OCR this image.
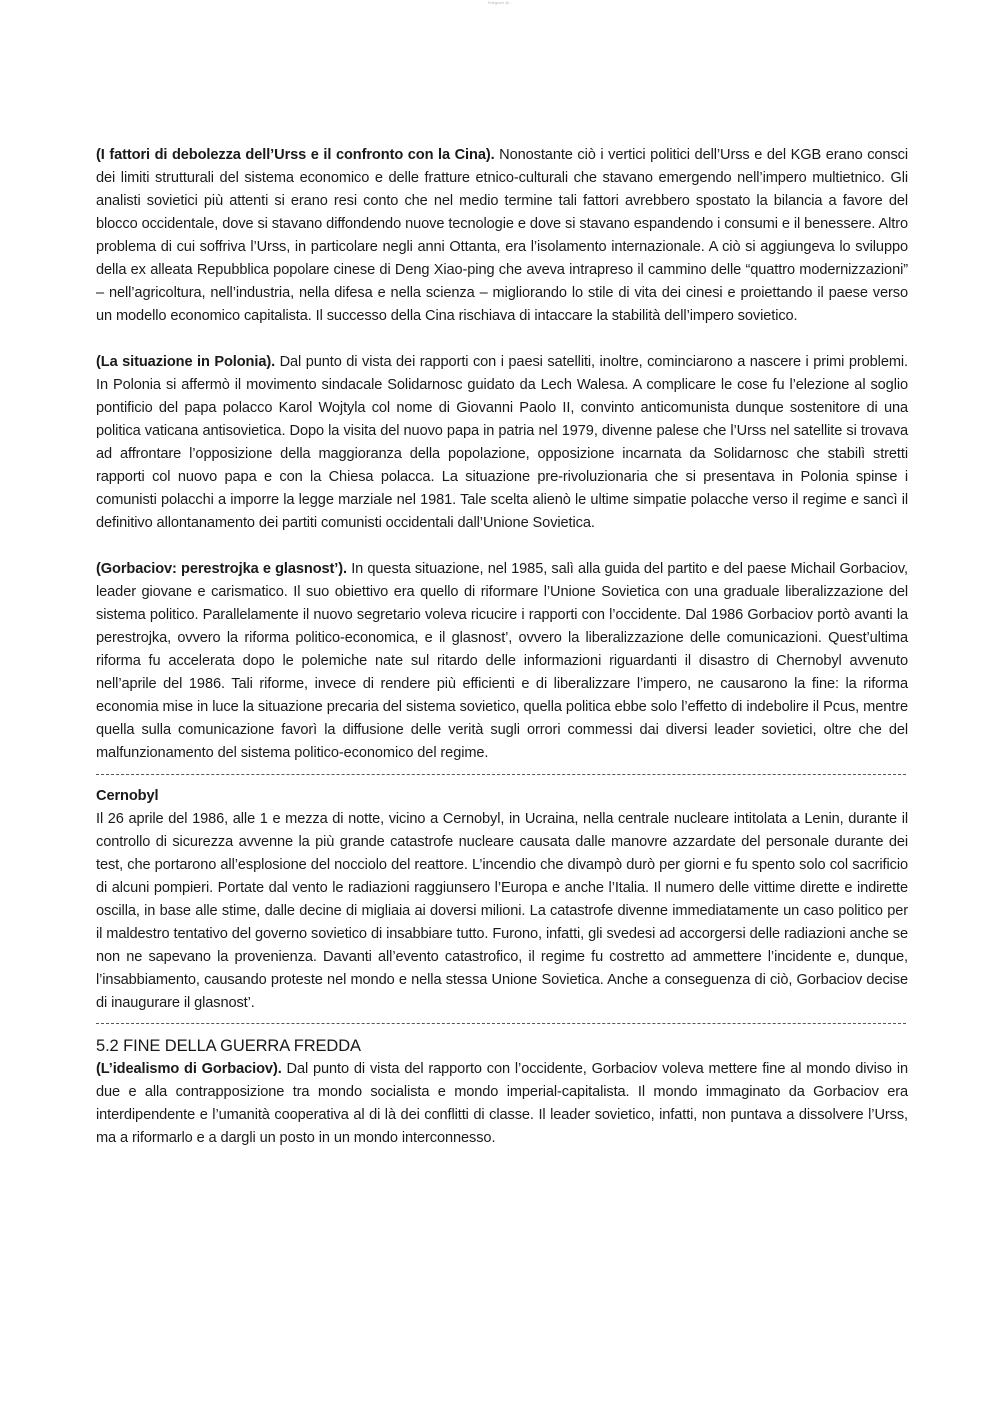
Telegram @...

(I fattori di debolezza dell’Urss e il confronto con la Cina). Nonostante ciò i vertici politici dell’Urss e del KGB erano consci dei limiti strutturali del sistema economico e delle fratture etnico-culturali che stavano emergendo nell’impero multietnico. Gli analisti sovietici più attenti si erano resi conto che nel medio termine tali fattori avrebbero spostato la bilancia a favore del blocco occidentale, dove si stavano diffondendo nuove tecnologie e dove si stavano espandendo i consumi e il benessere. Altro problema di cui soffriva l’Urss, in particolare negli anni Ottanta, era l’isolamento internazionale. A ciò si aggiungeva lo sviluppo della ex alleata Repubblica popolare cinese di Deng Xiao-ping che aveva intrapreso il cammino delle “quattro modernizzazioni” – nell’agricoltura, nell’industria, nella difesa e nella scienza – migliorando lo stile di vita dei cinesi e proiettando il paese verso un modello economico capitalista. Il successo della Cina rischiava di intaccare la stabilità dell’impero sovietico.

(La situazione in Polonia). Dal punto di vista dei rapporti con i paesi satelliti, inoltre, cominciarono a nascere i primi problemi. In Polonia si affermò il movimento sindacale Solidarnosc guidato da Lech Walesa. A complicare le cose fu l’elezione al soglio pontificio del papa polacco Karol Wojtyla col nome di Giovanni Paolo II, convinto anticomunista dunque sostenitore di una politica vaticana antisovietica. Dopo la visita del nuovo papa in patria nel 1979, divenne palese che l’Urss nel satellite si trovava ad affrontare l’opposizione della maggioranza della popolazione, opposizione incarnata da Solidarnosc che stabilì stretti rapporti col nuovo papa e con la Chiesa polacca. La situazione pre-rivoluzionaria che si presentava in Polonia spinse i comunisti polacchi a imporre la legge marziale nel 1981. Tale scelta alienò le ultime simpatie polacche verso il regime e sancì il definitivo allontanamento dei partiti comunisti occidentali dall’Unione Sovietica.

(Gorbaciov: perestrojka e glasnost’). In questa situazione, nel 1985, salì alla guida del partito e del paese Michail Gorbaciov, leader giovane e carismatico. Il suo obiettivo era quello di riformare l’Unione Sovietica con una graduale liberalizzazione del sistema politico. Parallelamente il nuovo segretario voleva ricucire i rapporti con l’occidente. Dal 1986 Gorbaciov portò avanti la perestrojka, ovvero la riforma politico-economica, e il glasnost’, ovvero la liberalizzazione delle comunicazioni. Quest’ultima riforma fu accelerata dopo le polemiche nate sul ritardo delle informazioni riguardanti il disastro di Chernobyl avvenuto nell’aprile del 1986. Tali riforme, invece di rendere più efficienti e di liberalizzare l’impero, ne causarono la fine: la riforma economia mise in luce la situazione precaria del sistema sovietico, quella politica ebbe solo l’effetto di indebolire il Pcus, mentre quella sulla comunicazione favorì la diffusione delle verità sugli orrori commessi dai diversi leader sovietici, oltre che del malfunzionamento del sistema politico-economico del regime.

Cernobyl

Il 26 aprile del 1986, alle 1 e mezza di notte, vicino a Cernobyl, in Ucraina, nella centrale nucleare intitolata a Lenin, durante il controllo di sicurezza avvenne la più grande catastrofe nucleare causata dalle manovre azzardate del personale durante dei test, che portarono all’esplosione del nocciolo del reattore. L’incendio che divampò durò per giorni e fu spento solo col sacrificio di alcuni pompieri. Portate dal vento le radiazioni raggiunsero l’Europa e anche l’Italia. Il numero delle vittime dirette e indirette oscilla, in base alle stime, dalle decine di migliaia ai doversi milioni. La catastrofe divenne immediatamente un caso politico per il maldestro tentativo del governo sovietico di insabbiare tutto. Furono, infatti, gli svedesi ad accorgersi delle radiazioni anche se non ne sapevano la provenienza. Davanti all’evento catastrofico, il regime fu costretto ad ammettere l’incidente e, dunque, l’insabbiamento, causando proteste nel mondo e nella stessa Unione Sovietica. Anche a conseguenza di ciò, Gorbaciov decise di inaugurare il glasnost’.

5.2 FINE DELLA GUERRA FREDDA

(L’idealismo di Gorbaciov). Dal punto di vista del rapporto con l’occidente, Gorbaciov voleva mettere fine al mondo diviso in due e alla contrapposizione tra mondo socialista e mondo imperial-capitalista. Il mondo immaginato da Gorbaciov era interdipendente e l’umanità cooperativa al di là dei conflitti di classe. Il leader sovietico, infatti, non puntava a dissolvere l’Urss, ma a riformarlo e a dargli un posto in un mondo interconnesso.
